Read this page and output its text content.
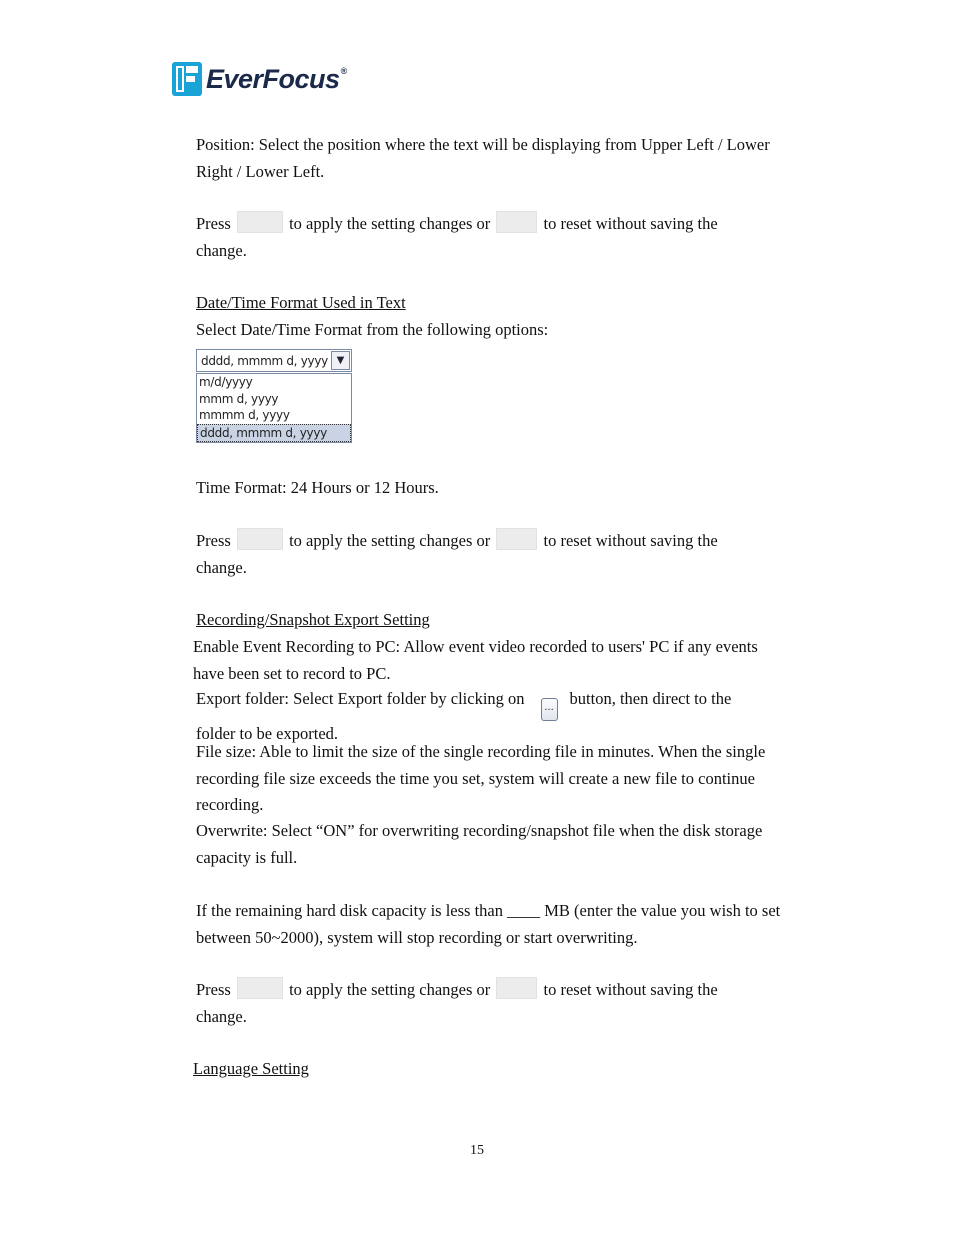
EverFocus®

Position: Select the position where the text will be displaying from Upper Left / Lower Right / Lower Left.

Press	to apply the setting changes or	to reset without saving the
change.

Date/Time Format Used in Text

Select Date/Time Format from the following options:

dddd, mmmm d, yyyy ▼
m/d/yyyy
mmm d, yyyy
mmmm d, yyyy
dddd, mmmm d, yyyy

Time Format: 24 Hours or 12 Hours.

Press	to apply the setting changes or	to reset without saving the
change.

Recording/Snapshot Export Setting

Enable Event Recording to PC: Allow event video recorded to users' PC if any events have been set to record to PC.

Export folder: Select Export folder by clicking on ... button, then direct to the
folder to be exported.

File size: Able to limit the size of the single recording file in minutes. When the single recording file size exceeds the time you set, system will create a new file to continue recording.

Overwrite: Select “ON” for overwriting recording/snapshot file when the disk storage capacity is full.

If the remaining hard disk capacity is less than ____ MB (enter the value you wish to set between 50~2000), system will stop recording or start overwriting.

Press	to apply the setting changes or	to reset without saving the
change.

Language Setting

15
